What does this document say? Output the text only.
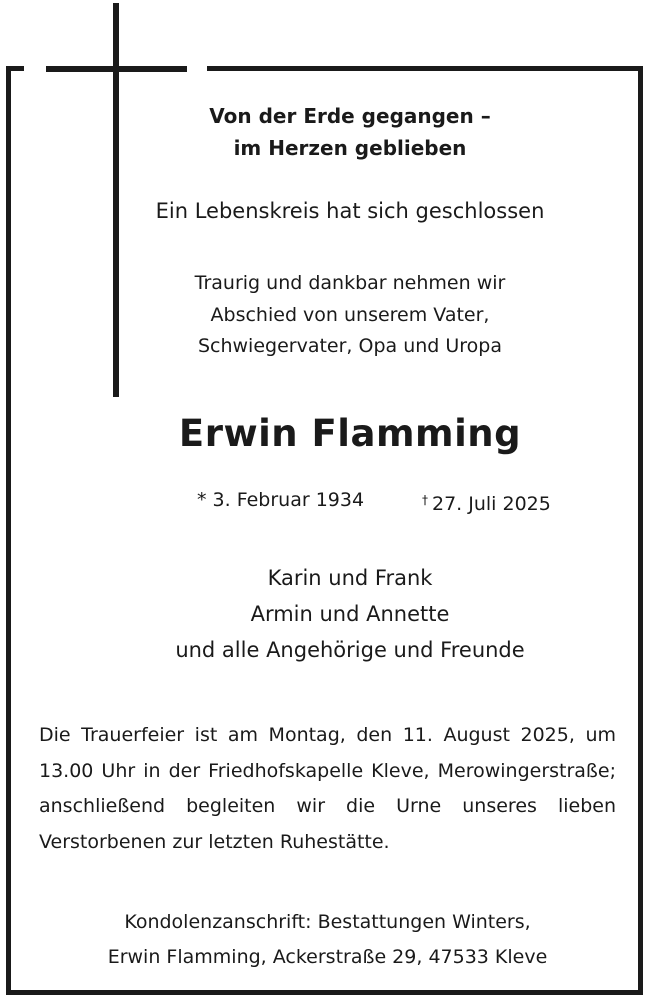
Von der Erde gegangen –
im Herzen geblieben
Ein Lebenskreis hat sich geschlossen
Traurig und dankbar nehmen wir
Abschied von unserem Vater,
Schwiegervater, Opa und Uropa
Erwin Flamming
* 3. Februar 1934	† 27. Juli 2025
Karin und Frank
Armin und Annette
und alle Angehörige und Freunde
Die Trauerfeier ist am Montag, den 11. August 2025, um 13.00 Uhr in der Friedhofskapelle Kleve, Merowingerstraße; anschließend begleiten wir die Urne unseres lieben Verstorbenen zur letzten Ruhestätte.
Kondolenzanschrift: Bestattungen Winters,
Erwin Flamming, Ackerstraße 29, 47533 Kleve
